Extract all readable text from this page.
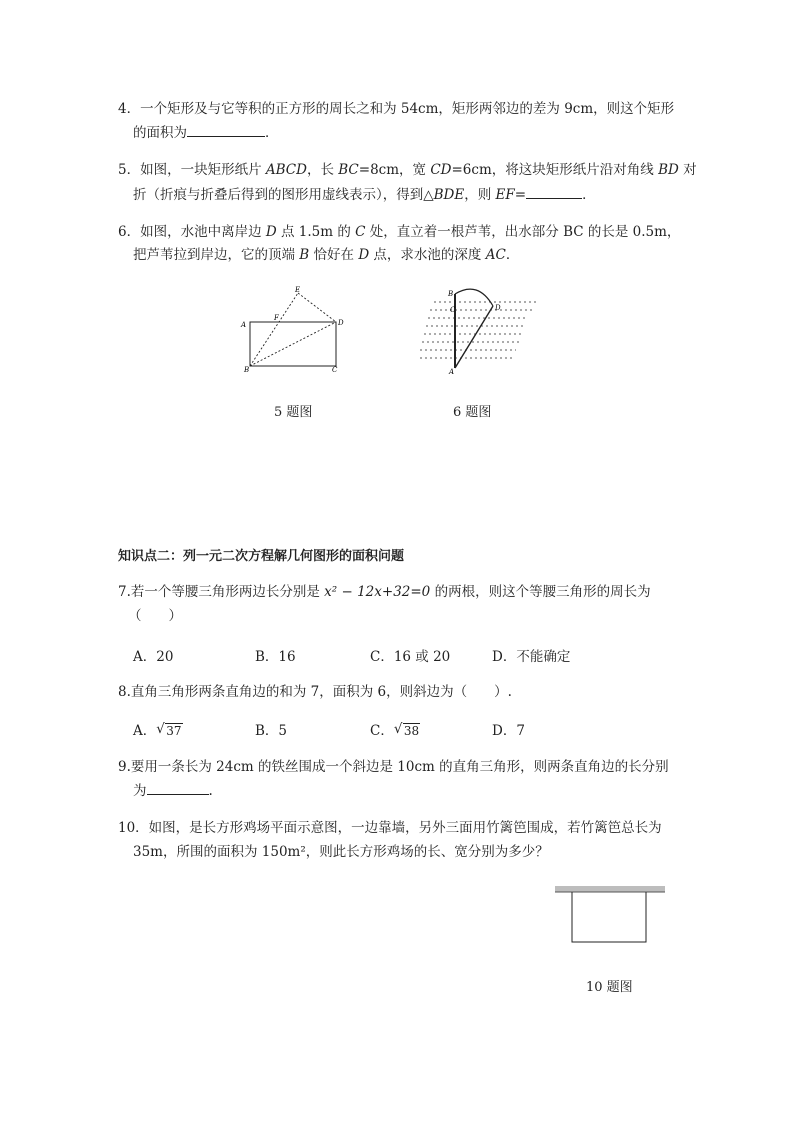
4．一个矩形及与它等积的正方形的周长之和为 54cm，矩形两邻边的差为 9cm，则这个矩形
的面积为	．
5．如图，一块矩形纸片 ABCD，长 BC=8cm，宽 CD=6cm，将这块矩形纸片沿对角线 BD 对
折（折痕与折叠后得到的图形用虚线表示），得到△BDE，则 EF=	．
6．如图，水池中离岸边 D 点 1.5m 的 C 处，直立着一根芦苇，出水部分 BC 的长是 0.5m，
把芦苇拉到岸边，它的顶端 B 恰好在 D 点，求水池的深度 AC．
A
B	C
D
E
F
5 题图
B
C	D
A
6 题图
知识点二：列一元二次方程解几何图形的面积问题
7.若一个等腰三角形两边长分别是 x² − 12x+32=0 的两根，则这个等腰三角形的周长为
（　　）
A．20	B．16	C．16 或 20	D．不能确定
8.直角三角形两条直角边的和为 7，面积为 6，则斜边为（　　）.
A． √ 37	B．5	C． √ 38	D．7
9.要用一条长为 24cm 的铁丝围成一个斜边是 10cm 的直角三角形，则两条直角边的长分别
为	.
10．如图，是长方形鸡场平面示意图，一边靠墙，另外三面用竹篱笆围成，若竹篱笆总长为
35m，所围的面积为 150m²，则此长方形鸡场的长、宽分别为多少？
10 题图
